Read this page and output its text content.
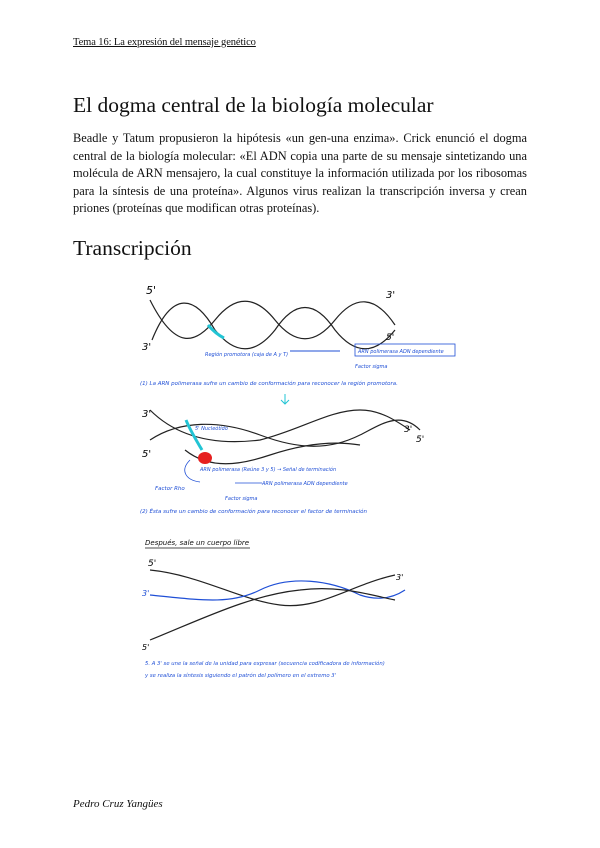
Tema 16: La expresión del mensaje genético
El dogma central de la biología molecular

Beadle y Tatum propusieron la hipótesis «un gen-una enzima». Crick enunció el dogma central de la biología molecular: «El ADN copia una parte de su mensaje sintetizando una molécula de ARN mensajero, la cual constituye la información utilizada por los ribosomas para la síntesis de una proteína». Algunos virus realizan la transcripción inversa y crean priones (proteínas que modifican otras proteínas).

Transcripción
5'
3'
3'
5'
Región promotora (caja de A y T)	ARN polimerasa ADN dependiente
Factor sigma
(1) La ARN polimerasa sufre un cambio de conformación para reconocer la región promotora.
3'
5'
3'
5'
5' Nucleótido
ARN polimerasa (Reúne 3 y 5) → Señal de terminación
ARN polimerasa ADN dependiente
Factor Rho
Factor sigma
(2) Ésta sufre un cambio de conformación para reconocer el factor de terminación
Después, sale un cuerpo libre
5'
3'
3'
5'
5. A 3' se une la señal de la unidad para expresar (secuencia codificadora de información)
y se realiza la síntesis siguiendo el patrón del polímero en el extremo 3'
Pedro Cruz Yangües
